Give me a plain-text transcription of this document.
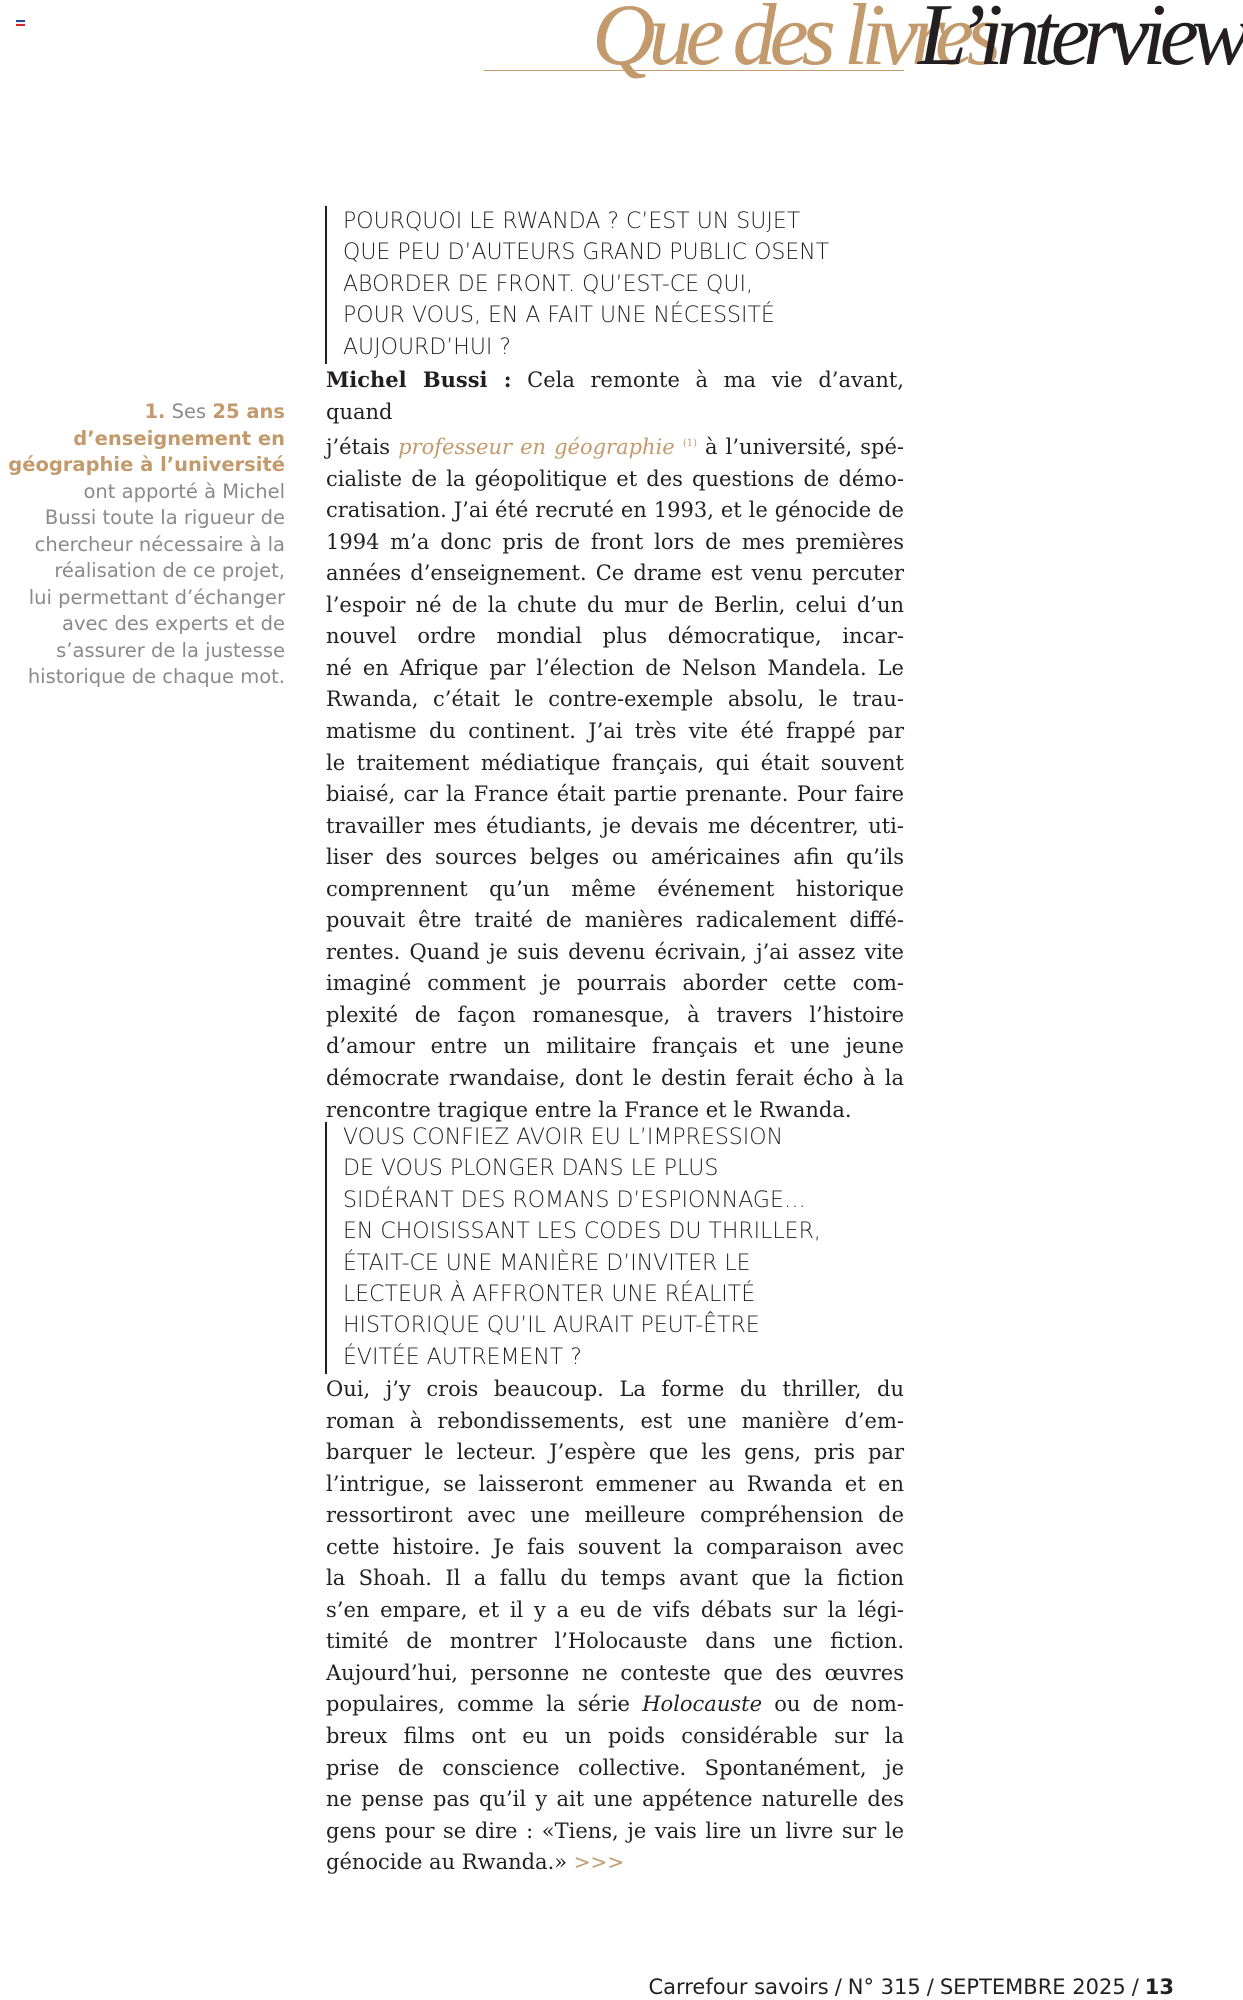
Que des livres
L’interview
1. Ses 25 ans
d’enseignement en
géographie à l’université
ont apporté à Michel
Bussi toute la rigueur de
chercheur nécessaire à la
réalisation de ce projet,
lui permettant d’échanger
avec des experts et de
s’assurer de la justesse
historique de chaque mot.
POURQUOI LE RWANDA ? C’EST UN SUJET
QUE PEU D’AUTEURS GRAND PUBLIC OSENT
ABORDER DE FRONT. QU’EST-CE QUI,
POUR VOUS, EN A FAIT UNE NÉCESSITÉ
AUJOURD’HUI ?
Michel Bussi : Cela remonte à ma vie d’avant, quand
j’étais professeur en géographie $^{(1)}$ à l’université, spé-
cialiste de la géopolitique et des questions de démo-
cratisation. J’ai été recruté en 1993, et le génocide de
1994 m’a donc pris de front lors de mes premières
années d’enseignement. Ce drame est venu percuter
l’espoir né de la chute du mur de Berlin, celui d’un
nouvel ordre mondial plus démocratique, incar-
né en Afrique par l’élection de Nelson Mandela. Le
Rwanda, c’était le contre-exemple absolu, le trau-
matisme du continent. J’ai très vite été frappé par
le traitement médiatique français, qui était souvent
biaisé, car la France était partie prenante. Pour faire
travailler mes étudiants, je devais me décentrer, uti-
liser des sources belges ou américaines afin qu’ils
comprennent qu’un même événement historique
pouvait être traité de manières radicalement diffé-
rentes. Quand je suis devenu écrivain, j’ai assez vite
imaginé comment je pourrais aborder cette com-
plexité de façon romanesque, à travers l’histoire
d’amour entre un militaire français et une jeune
démocrate rwandaise, dont le destin ferait écho à la
rencontre tragique entre la France et le Rwanda.
VOUS CONFIEZ AVOIR EU L’IMPRESSION
DE VOUS PLONGER DANS LE PLUS
SIDÉRANT DES ROMANS D’ESPIONNAGE…
EN CHOISISSANT LES CODES DU THRILLER,
ÉTAIT-CE UNE MANIÈRE D’INVITER LE
LECTEUR À AFFRONTER UNE RÉALITÉ
HISTORIQUE QU’IL AURAIT PEUT-ÊTRE
ÉVITÉE AUTREMENT ?
Oui, j’y crois beaucoup. La forme du thriller, du
roman à rebondissements, est une manière d’em-
barquer le lecteur. J’espère que les gens, pris par
l’intrigue, se laisseront emmener au Rwanda et en
ressortiront avec une meilleure compréhension de
cette histoire. Je fais souvent la comparaison avec
la Shoah. Il a fallu du temps avant que la fiction
s’en empare, et il y a eu de vifs débats sur la légi-
timité de montrer l’Holocauste dans une fiction.
Aujourd’hui, personne ne conteste que des œuvres
populaires, comme la série Holocauste ou de nom-
breux films ont eu un poids considérable sur la
prise de conscience collective. Spontanément, je
ne pense pas qu’il y ait une appétence naturelle des
gens pour se dire : «Tiens, je vais lire un livre sur le
génocide au Rwanda.» >>>
Carrefour savoirs / N° 315 / SEPTEMBRE 2025 / 13
